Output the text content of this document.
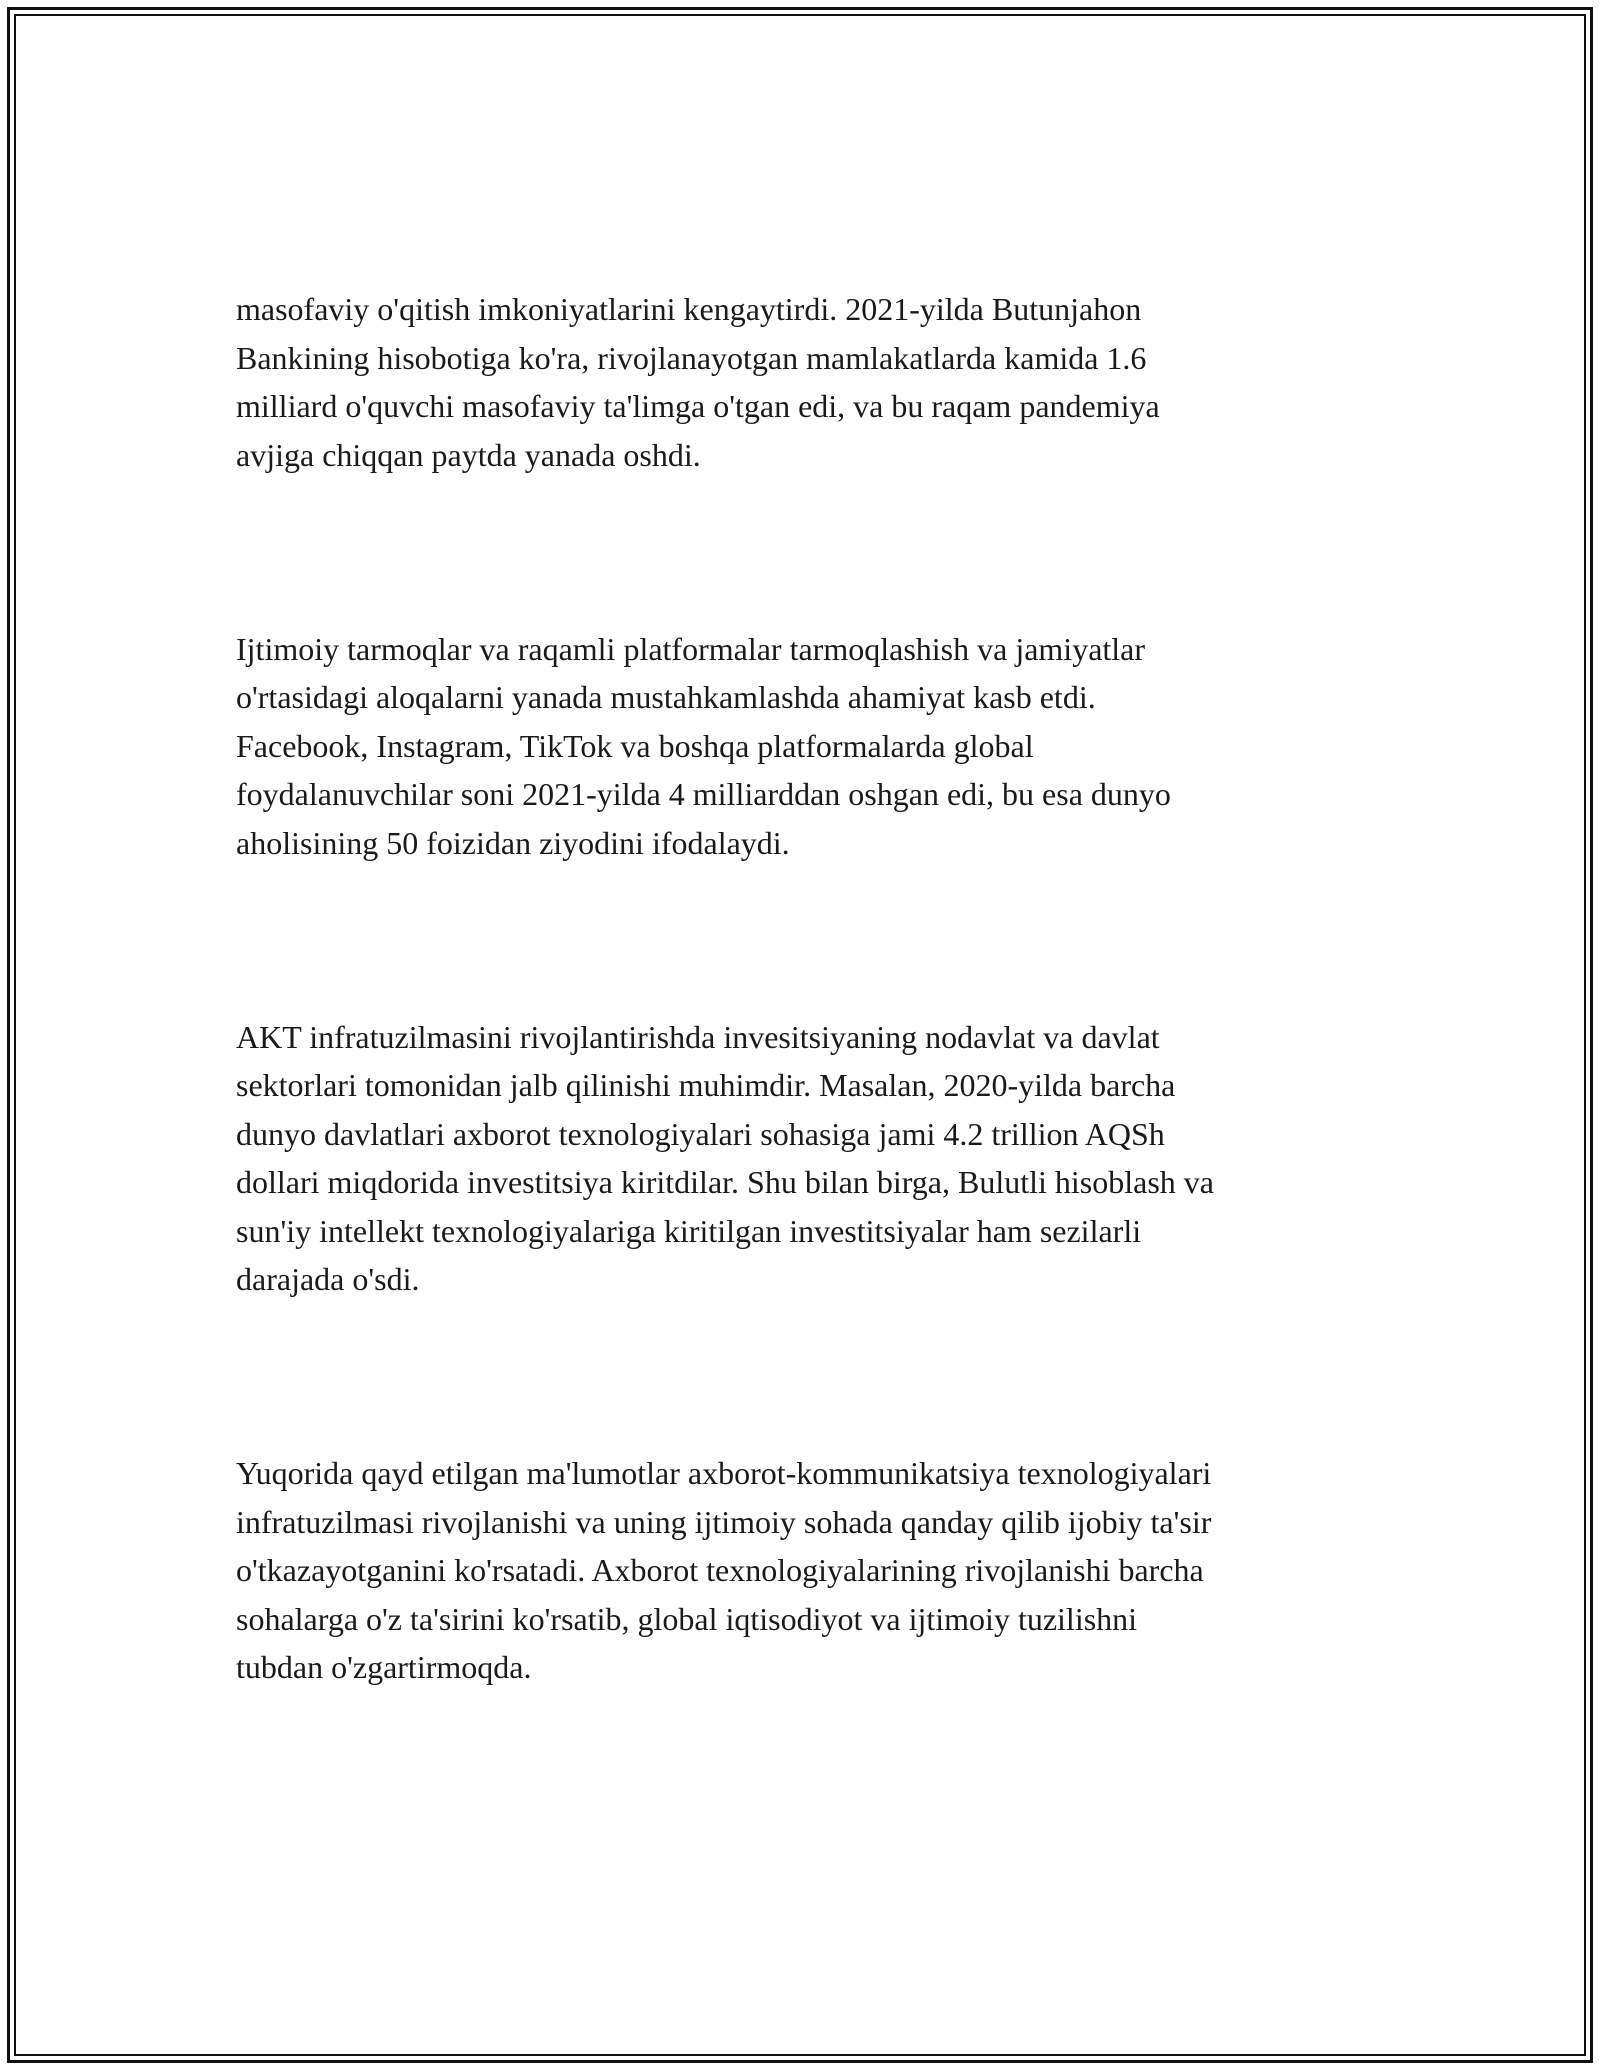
masofaviy o'qitish imkoniyatlarini kengaytirdi. 2021-yilda Butunjahon
Bankining hisobotiga ko'ra, rivojlanayotgan mamlakatlarda kamida 1.6
milliard o'quvchi masofaviy ta'limga o'tgan edi, va bu raqam pandemiya
avjiga chiqqan paytda yanada oshdi.

Ijtimoiy tarmoqlar va raqamli platformalar tarmoqlashish va jamiyatlar
o'rtasidagi aloqalarni yanada mustahkamlashda ahamiyat kasb etdi.
Facebook, Instagram, TikTok va boshqa platformalarda global
foydalanuvchilar soni 2021-yilda 4 milliarddan oshgan edi, bu esa dunyo
aholisining 50 foizidan ziyodini ifodalaydi.

AKT infratuzilmasini rivojlantirishda invesitsiyaning nodavlat va davlat
sektorlari tomonidan jalb qilinishi muhimdir. Masalan, 2020-yilda barcha
dunyo davlatlari axborot texnologiyalari sohasiga jami 4.2 trillion AQSh
dollari miqdorida investitsiya kiritdilar. Shu bilan birga, Bulutli hisoblash va
sun'iy intellekt texnologiyalariga kiritilgan investitsiyalar ham sezilarli
darajada o'sdi.

Yuqorida qayd etilgan ma'lumotlar axborot-kommunikatsiya texnologiyalari
infratuzilmasi rivojlanishi va uning ijtimoiy sohada qanday qilib ijobiy ta'sir
o'tkazayotganini ko'rsatadi. Axborot texnologiyalarining rivojlanishi barcha
sohalarga o'z ta'sirini ko'rsatib, global iqtisodiyot va ijtimoiy tuzilishni
tubdan o'zgartirmoqda.
